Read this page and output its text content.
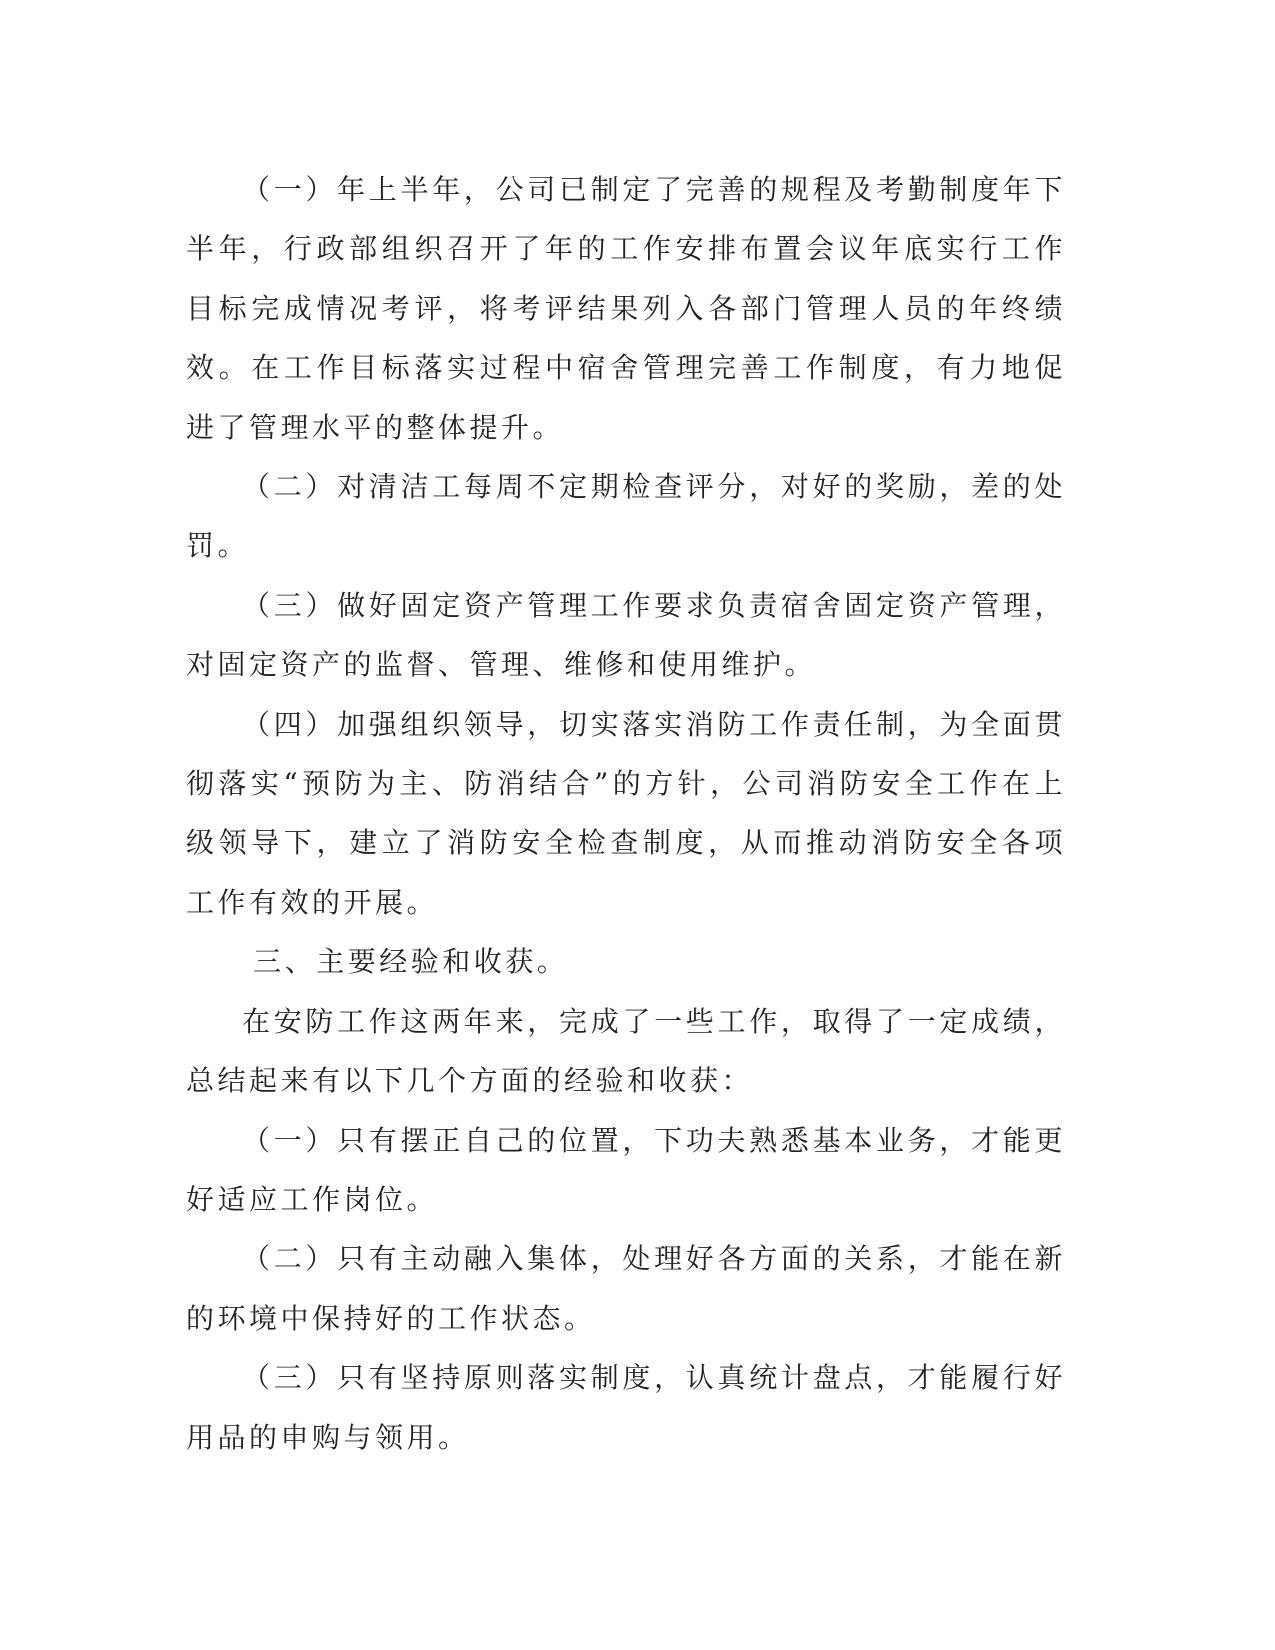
（一）年上半年，公司已制定了完善的规程及考勤制度年下半年，行政部组织召开了年的工作安排布置会议年底实行工作目标完成情况考评，将考评结果列入各部门管理人员的年终绩效。在工作目标落实过程中宿舍管理完善工作制度，有力地促进了管理水平的整体提升。

（二）对清洁工每周不定期检查评分，对好的奖励，差的处罚。

（三）做好固定资产管理工作要求负责宿舍固定资产管理，对固定资产的监督、管理、维修和使用维护。

（四）加强组织领导，切实落实消防工作责任制，为全面贯彻落实“预防为主、防消结合”的方针，公司消防安全工作在上级领导下，建立了消防安全检查制度，从而推动消防安全各项工作有效的开展。

三、主要经验和收获。

在安防工作这两年来，完成了一些工作，取得了一定成绩，总结起来有以下几个方面的经验和收获：

（一）只有摆正自己的位置，下功夫熟悉基本业务，才能更好适应工作岗位。

（二）只有主动融入集体，处理好各方面的关系，才能在新的环境中保持好的工作状态。

（三）只有坚持原则落实制度，认真统计盘点，才能履行好用品的申购与领用。
